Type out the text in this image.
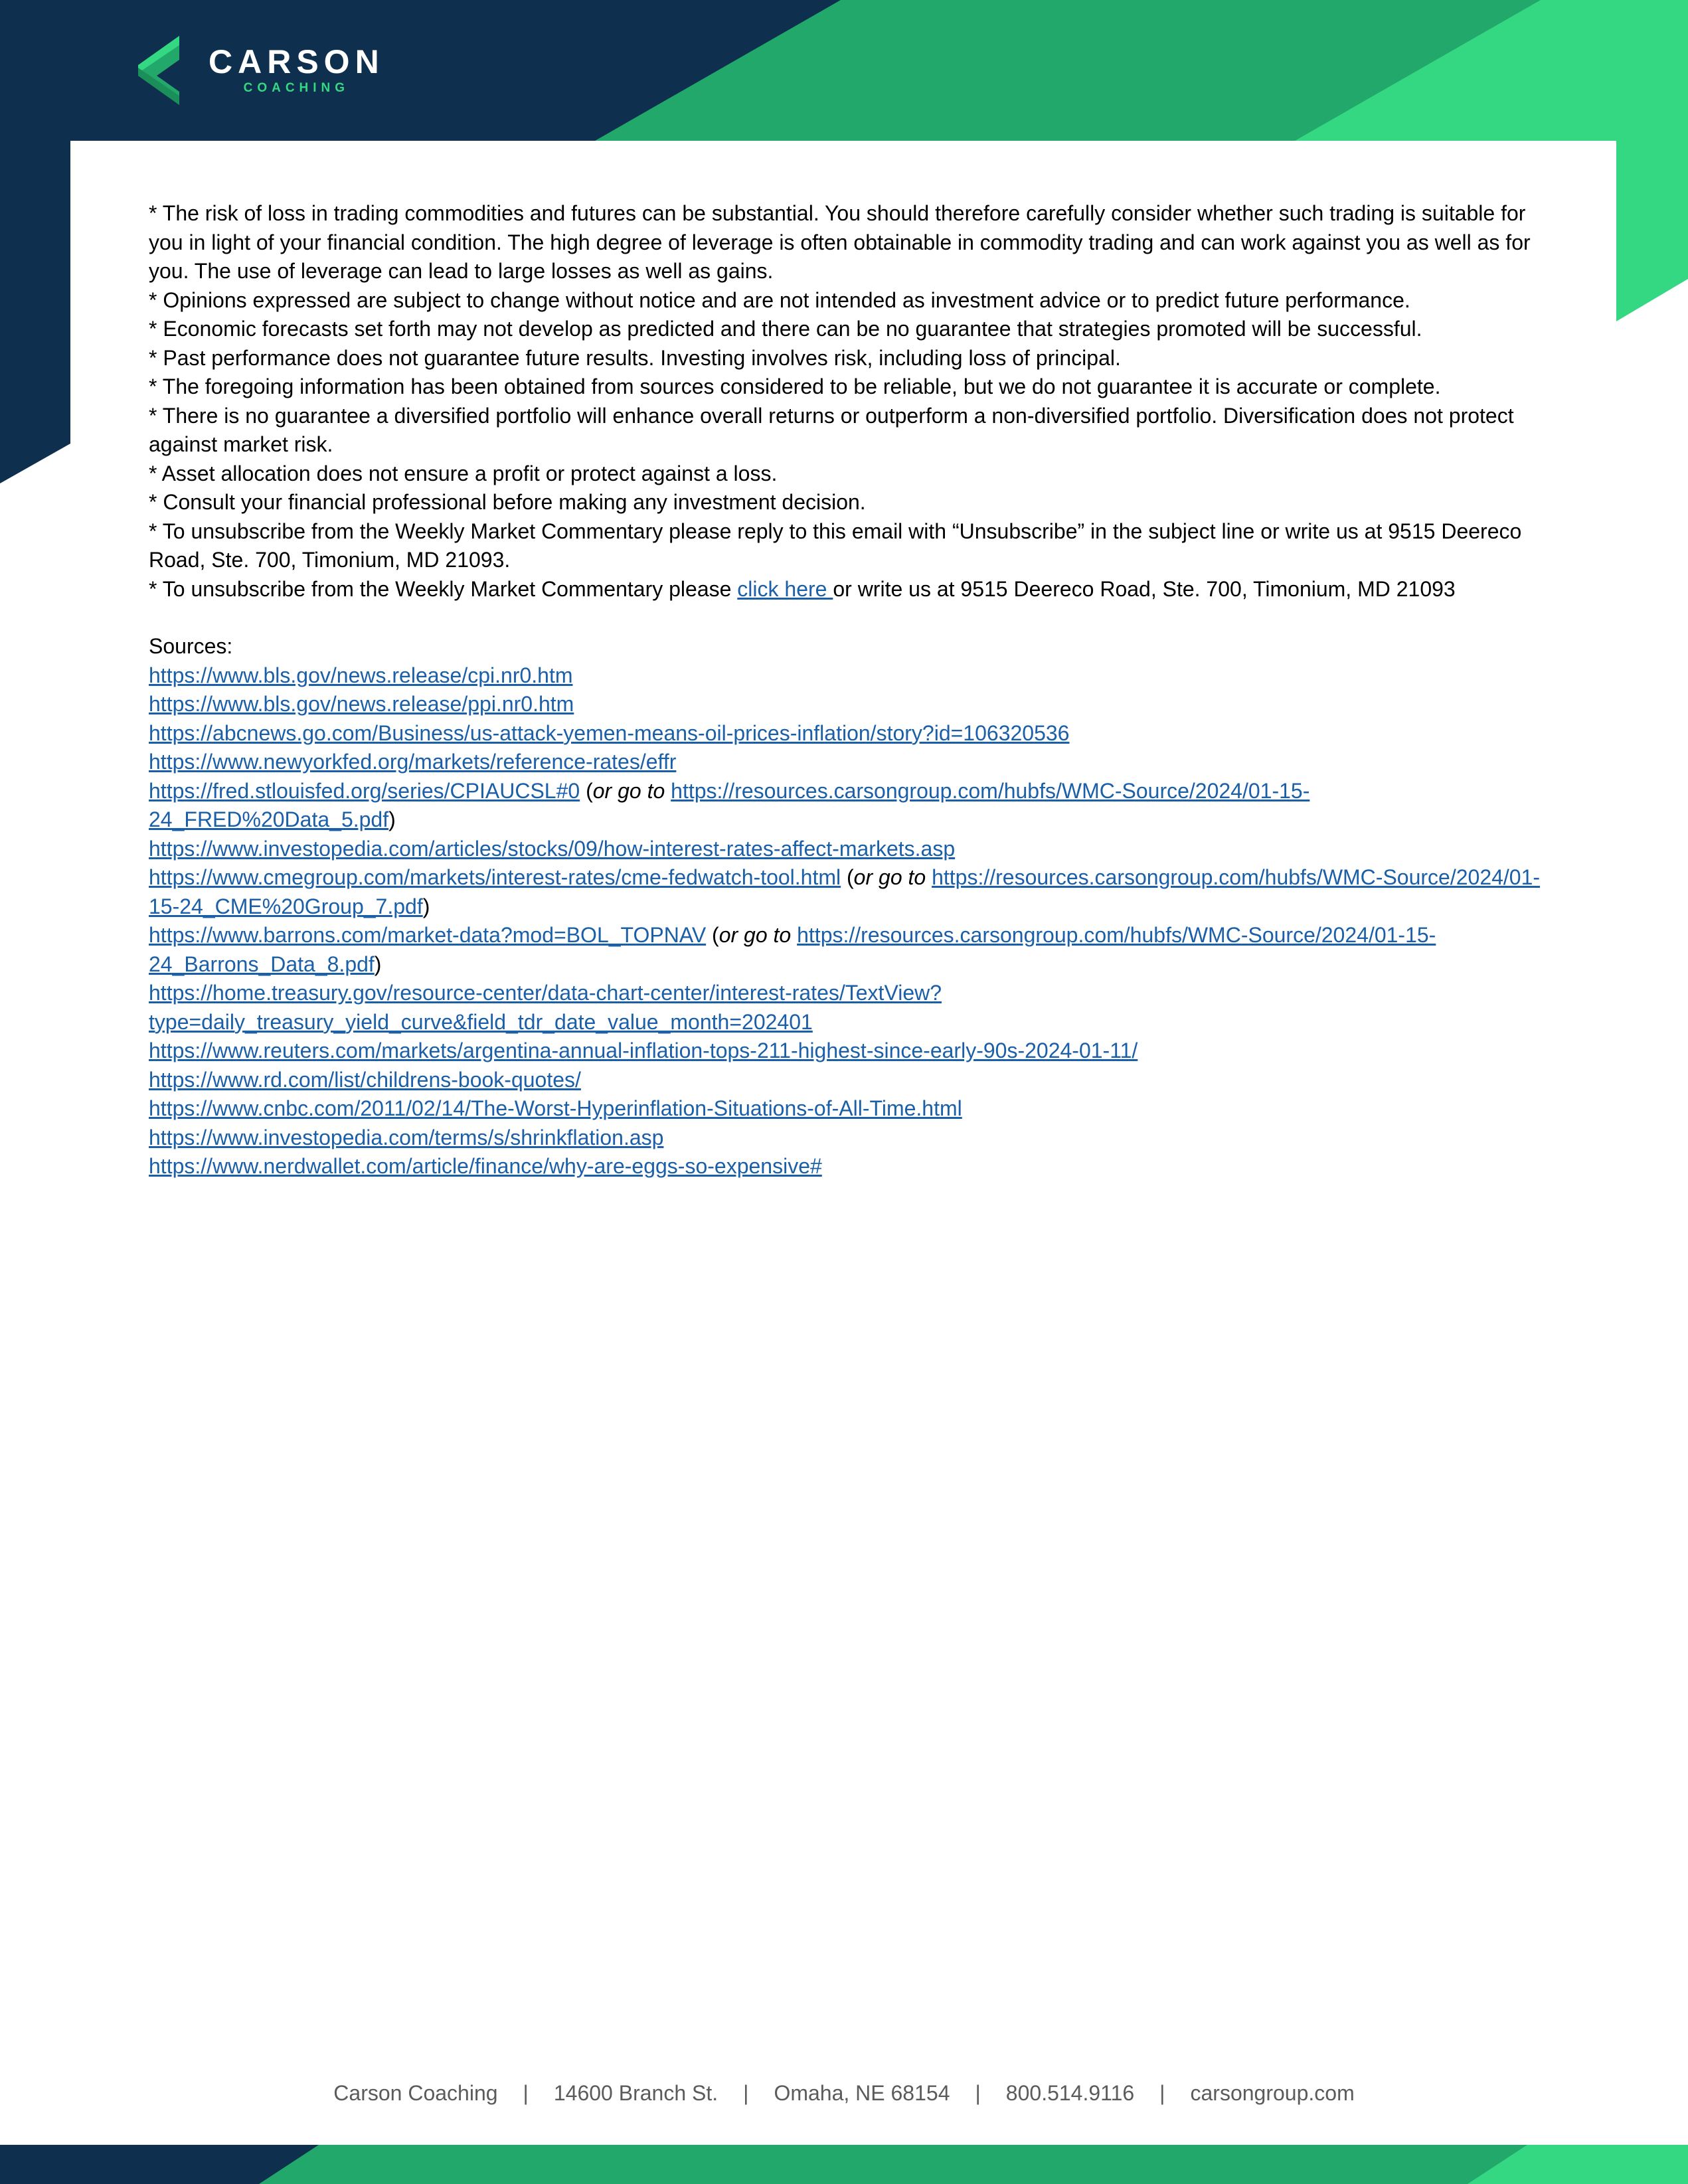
CARSON
COACHING

* The risk of loss in trading commodities and futures can be substantial. You should therefore carefully consider whether such trading is suitable for you in light of your financial condition. The high degree of leverage is often obtainable in commodity trading and can work against you as well as for you. The use of leverage can lead to large losses as well as gains.

* Opinions expressed are subject to change without notice and are not intended as investment advice or to predict future performance.

* Economic forecasts set forth may not develop as predicted and there can be no guarantee that strategies promoted will be successful.

* Past performance does not guarantee future results. Investing involves risk, including loss of principal.

* The foregoing information has been obtained from sources considered to be reliable, but we do not guarantee it is accurate or complete.

* There is no guarantee a diversified portfolio will enhance overall returns or outperform a non-diversified portfolio. Diversification does not protect against market risk.

* Asset allocation does not ensure a profit or protect against a loss.

* Consult your financial professional before making any investment decision.

* To unsubscribe from the Weekly Market Commentary please reply to this email with “Unsubscribe” in the subject line or write us at 9515 Deereco Road, Ste. 700, Timonium, MD 21093.

* To unsubscribe from the Weekly Market Commentary please click here or write us at 9515 Deereco Road, Ste. 700, Timonium, MD 21093

Sources:

https://www.bls.gov/news.release/cpi.nr0.htm

https://www.bls.gov/news.release/ppi.nr0.htm

https://abcnews.go.com/Business/us-attack-yemen-means-oil-prices-inflation/story?id=106320536

https://www.newyorkfed.org/markets/reference-rates/effr

https://fred.stlouisfed.org/series/CPIAUCSL#0 (or go to https://resources.carsongroup.com/hubfs/WMC-Source/2024/01-15-24_FRED%20Data_5.pdf)

https://www.investopedia.com/articles/stocks/09/how-interest-rates-affect-markets.asp

https://www.cmegroup.com/markets/interest-rates/cme-fedwatch-tool.html (or go to https://resources.carsongroup.com/hubfs/WMC-Source/2024/01-15-24_CME%20Group_7.pdf)

https://www.barrons.com/market-data?mod=BOL_TOPNAV (or go to https://resources.carsongroup.com/hubfs/WMC-Source/2024/01-15-24_Barrons_Data_8.pdf)

https://home.treasury.gov/resource-center/data-chart-center/interest-rates/TextView?type=daily_treasury_yield_curve&field_tdr_date_value_month=202401

https://www.reuters.com/markets/argentina-annual-inflation-tops-211-highest-since-early-90s-2024-01-11/

https://www.rd.com/list/childrens-book-quotes/

https://www.cnbc.com/2011/02/14/The-Worst-Hyperinflation-Situations-of-All-Time.html

https://www.investopedia.com/terms/s/shrinkflation.asp

https://www.nerdwallet.com/article/finance/why-are-eggs-so-expensive#

Carson Coaching | 14600 Branch St. | Omaha, NE 68154 | 800.514.9116 | carsongroup.com
